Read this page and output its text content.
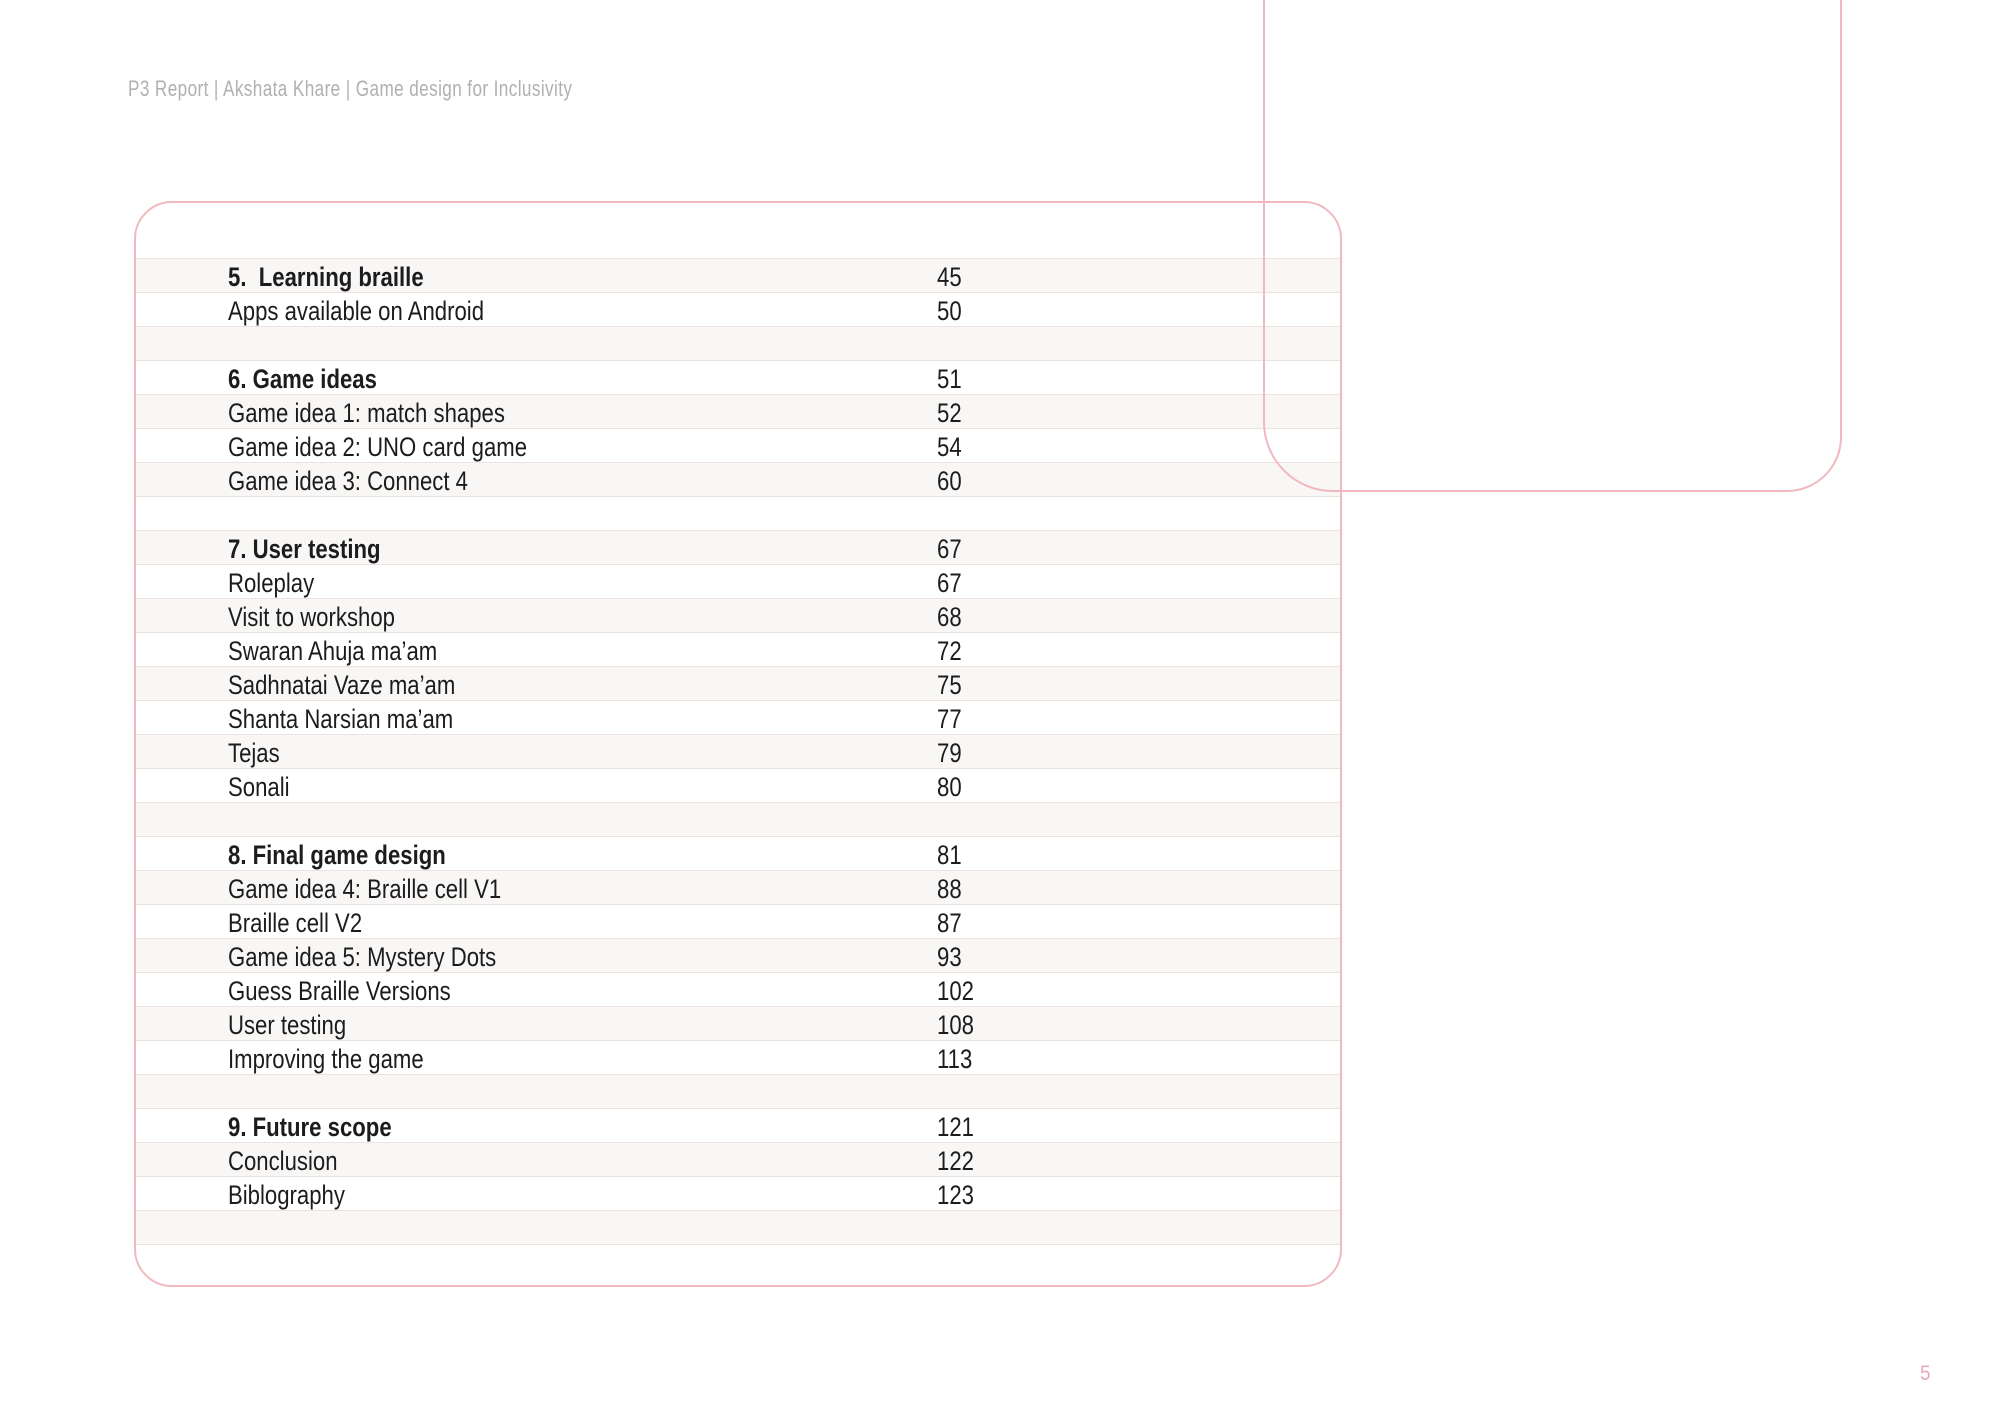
P3 Report | Akshata Khare | Game design for Inclusivity
5.  Learning braille	45
Apps available on Android	50
6. Game ideas	51
Game idea 1: match shapes	52
Game idea 2: UNO card game	54
Game idea 3: Connect 4	60
7. User testing	67
Roleplay	67
Visit to workshop	68
Swaran Ahuja ma’am	72
Sadhnatai Vaze ma’am	75
Shanta Narsian ma’am	77
Tejas	79
Sonali	80
8. Final game design	81
Game idea 4: Braille cell V1	88
Braille cell V2	87
Game idea 5: Mystery Dots	93
Guess Braille Versions	102
User testing	108
Improving the game	113
9. Future scope	121
Conclusion	122
Biblography	123
5
